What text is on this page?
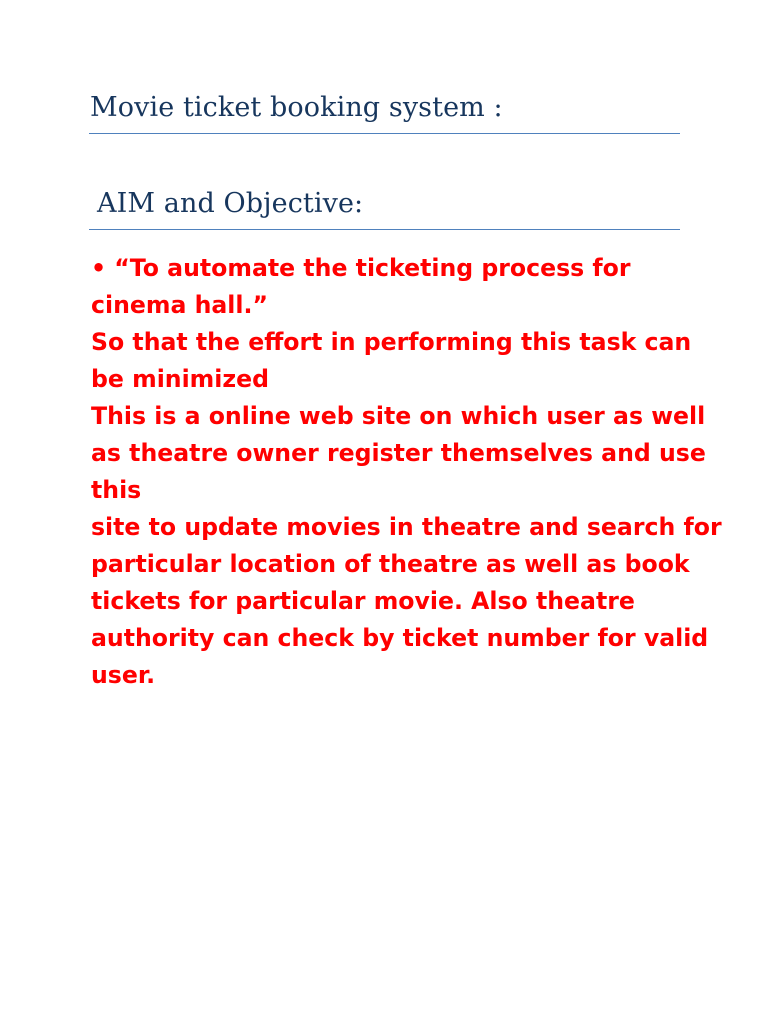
Movie ticket booking system :
AIM and Objective:
• “To automate the ticketing process for
cinema hall.”
So that the effort in performing this task can
be minimized
This is a online web site on which user as well
as theatre owner register themselves and use
this
site to update movies in theatre and search for
particular location of theatre as well as book
tickets for particular movie. Also theatre
authority can check by ticket number for valid
user.
